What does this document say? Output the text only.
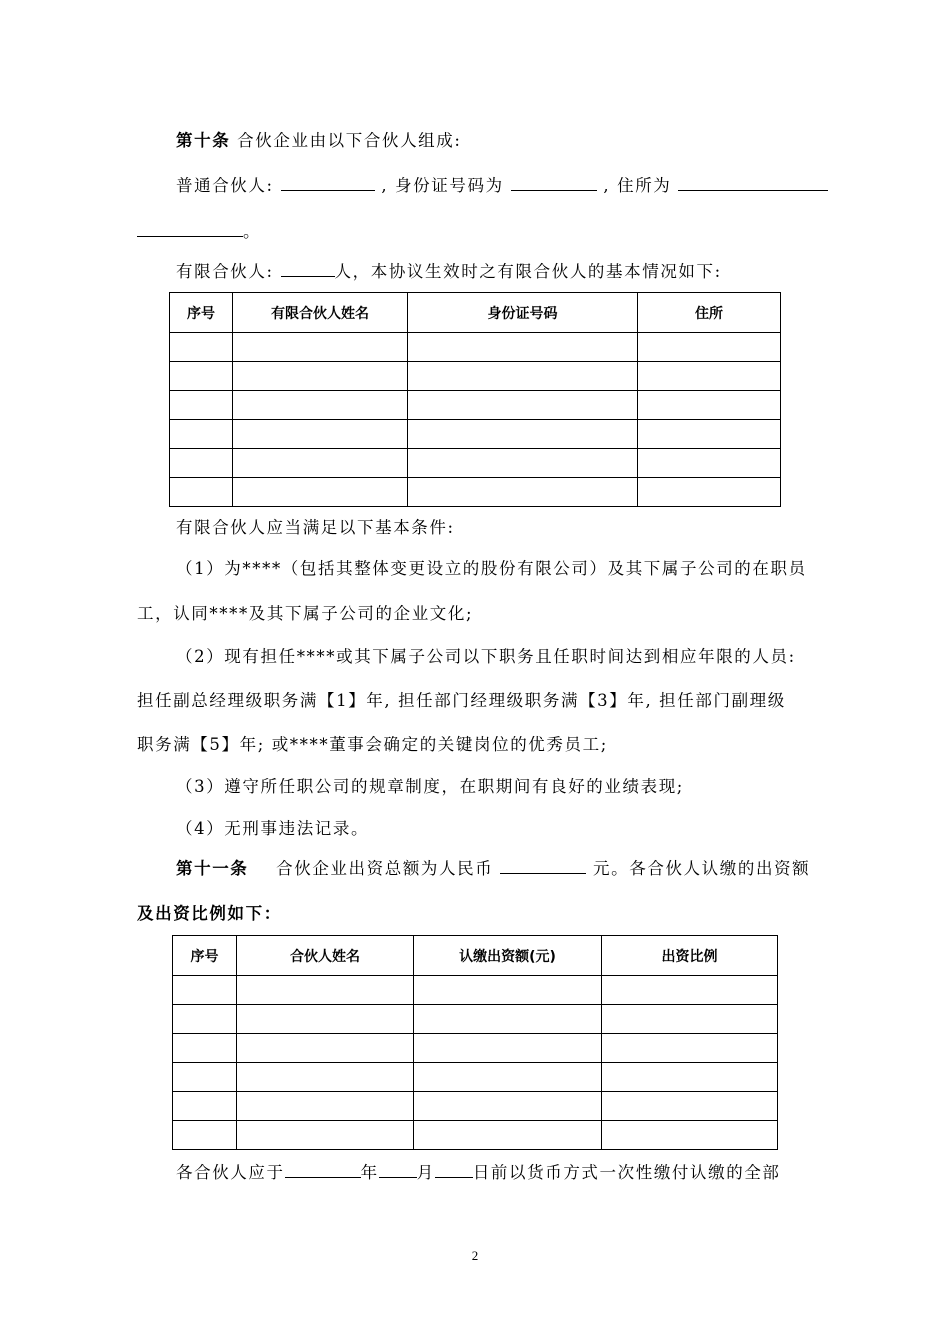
第十条 合伙企业由以下合伙人组成:
普通合伙人:	, 身份证号码为	, 住所为
。
有限合伙人:	人，本协议生效时之有限合伙人的基本情况如下:
序号	有限合伙人姓名	身份证号码	住所

有限合伙人应当满足以下基本条件:
（1）为****（包括其整体变更设立的股份有限公司）及其下属子公司的在职员
工，认同****及其下属子公司的企业文化;
（2）现有担任****或其下属子公司以下职务且任职时间达到相应年限的人员:
担任副总经理级职务满【1】年, 担任部门经理级职务满【3】年, 担任部门副理级
职务满【5】年; 或****董事会确定的关键岗位的优秀员工;
（3）遵守所任职公司的规章制度，在职期间有良好的业绩表现;
（4）无刑事违法记录。
第十一条 合伙企业出资总额为人民币	元。各合伙人认缴的出资额
及出资比例如下：
序号	合伙人姓名	认缴出资额(元)	出资比例

各合伙人应于	年 月 日前以货币方式一次性缴付认缴的全部
2
